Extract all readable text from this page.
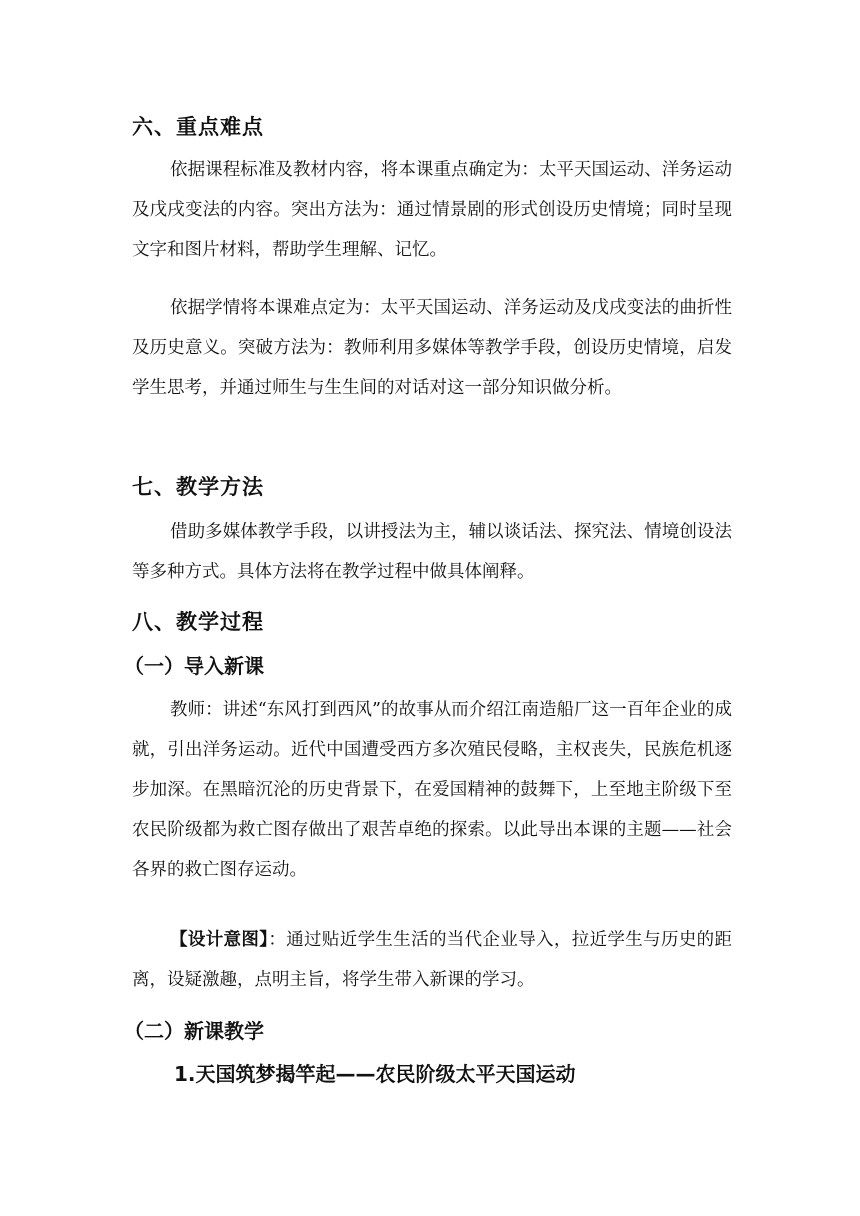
六、重点难点
依据课程标准及教材内容，将本课重点确定为：太平天国运动、洋务运动及戊戌变法的内容。突出方法为：通过情景剧的形式创设历史情境；同时呈现文字和图片材料，帮助学生理解、记忆。
依据学情将本课难点定为：太平天国运动、洋务运动及戊戌变法的曲折性及历史意义。突破方法为：教师利用多媒体等教学手段，创设历史情境，启发学生思考，并通过师生与生生间的对话对这一部分知识做分析。
七、教学方法
借助多媒体教学手段，以讲授法为主，辅以谈话法、探究法、情境创设法等多种方式。具体方法将在教学过程中做具体阐释。
八、教学过程
（一）导入新课
教师：讲述“东风打到西风”的故事从而介绍江南造船厂这一百年企业的成就，引出洋务运动。近代中国遭受西方多次殖民侵略，主权丧失，民族危机逐步加深。在黑暗沉沦的历史背景下，在爱国精神的鼓舞下，上至地主阶级下至农民阶级都为救亡图存做出了艰苦卓绝的探索。以此导出本课的主题——社会各界的救亡图存运动。
【设计意图】：通过贴近学生生活的当代企业导入，拉近学生与历史的距离，设疑激趣，点明主旨，将学生带入新课的学习。
（二）新课教学
1.天国筑梦揭竿起——农民阶级太平天国运动
